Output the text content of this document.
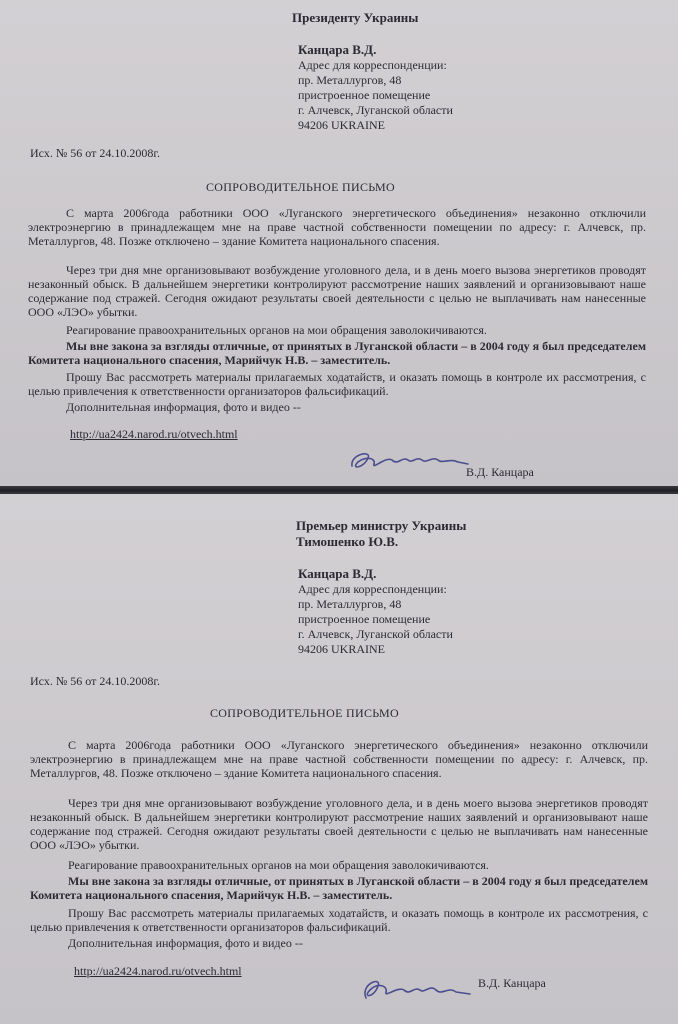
Президенту Украины
Канцара В.Д.
Адрес для корреспонденции:
пр. Металлургов, 48
пристроенное помещение
г. Алчевск, Луганской области
94206 UKRAINE
Исх. № 56 от 24.10.2008г.
СОПРОВОДИТЕЛЬНОЕ ПИСЬМО
С марта 2006года работники ООО «Луганского энергетического объединения» незаконно отключили электроэнергию в принадлежащем мне на праве частной собственности помещении по адресу: г. Алчевск, пр. Металлургов, 48. Позже отключено – здание Комитета национального спасения.
Через три дня мне организовывают возбуждение уголовного дела, и в день моего вызова энергетиков проводят незаконный обыск. В дальнейшем энергетики контролируют рассмотрение наших заявлений и организовывают наше содержание под стражей. Сегодня ожидают результаты своей деятельности с целью не выплачивать нам нанесенные ООО «ЛЭО» убытки.
Реагирование правоохранительных органов на мои обращения заволокичиваются.
Мы вне закона за взгляды отличные, от принятых в Луганской области – в 2004 году я был председателем Комитета национального спасения, Марийчук Н.В. – заместитель.
Прошу Вас рассмотреть материалы прилагаемых ходатайств, и оказать помощь в контроле их рассмотрения, с целью привлечения к ответственности организаторов фальсификаций.
Дополнительная информация, фото и видео --
http://ua2424.narod.ru/otvech.html
В.Д. Канцара
Премьер министру Украины
Тимошенко Ю.В.
Канцара В.Д.
Адрес для корреспонденции:
пр. Металлургов, 48
пристроенное помещение
г. Алчевск, Луганской области
94206 UKRAINE
Исх. № 56 от 24.10.2008г.
СОПРОВОДИТЕЛЬНОЕ ПИСЬМО
С марта 2006года работники ООО «Луганского энергетического объединения» незаконно отключили электроэнергию в принадлежащем мне на праве частной собственности помещении по адресу: г. Алчевск, пр. Металлургов, 48. Позже отключено – здание Комитета национального спасения.
Через три дня мне организовывают возбуждение уголовного дела, и в день моего вызова энергетиков проводят незаконный обыск. В дальнейшем энергетики контролируют рассмотрение наших заявлений и организовывают наше содержание под стражей. Сегодня ожидают результаты своей деятельности с целью не выплачивать нам нанесенные ООО «ЛЭО» убытки.
Реагирование правоохранительных органов на мои обращения заволокичиваются.
Мы вне закона за взгляды отличные, от принятых в Луганской области – в 2004 году я был председателем Комитета национального спасения, Марийчук Н.В. – заместитель.
Прошу Вас рассмотреть материалы прилагаемых ходатайств, и оказать помощь в контроле их рассмотрения, с целью привлечения к ответственности организаторов фальсификаций.
Дополнительная информация, фото и видео --
http://ua2424.narod.ru/otvech.html
В.Д. Канцара
